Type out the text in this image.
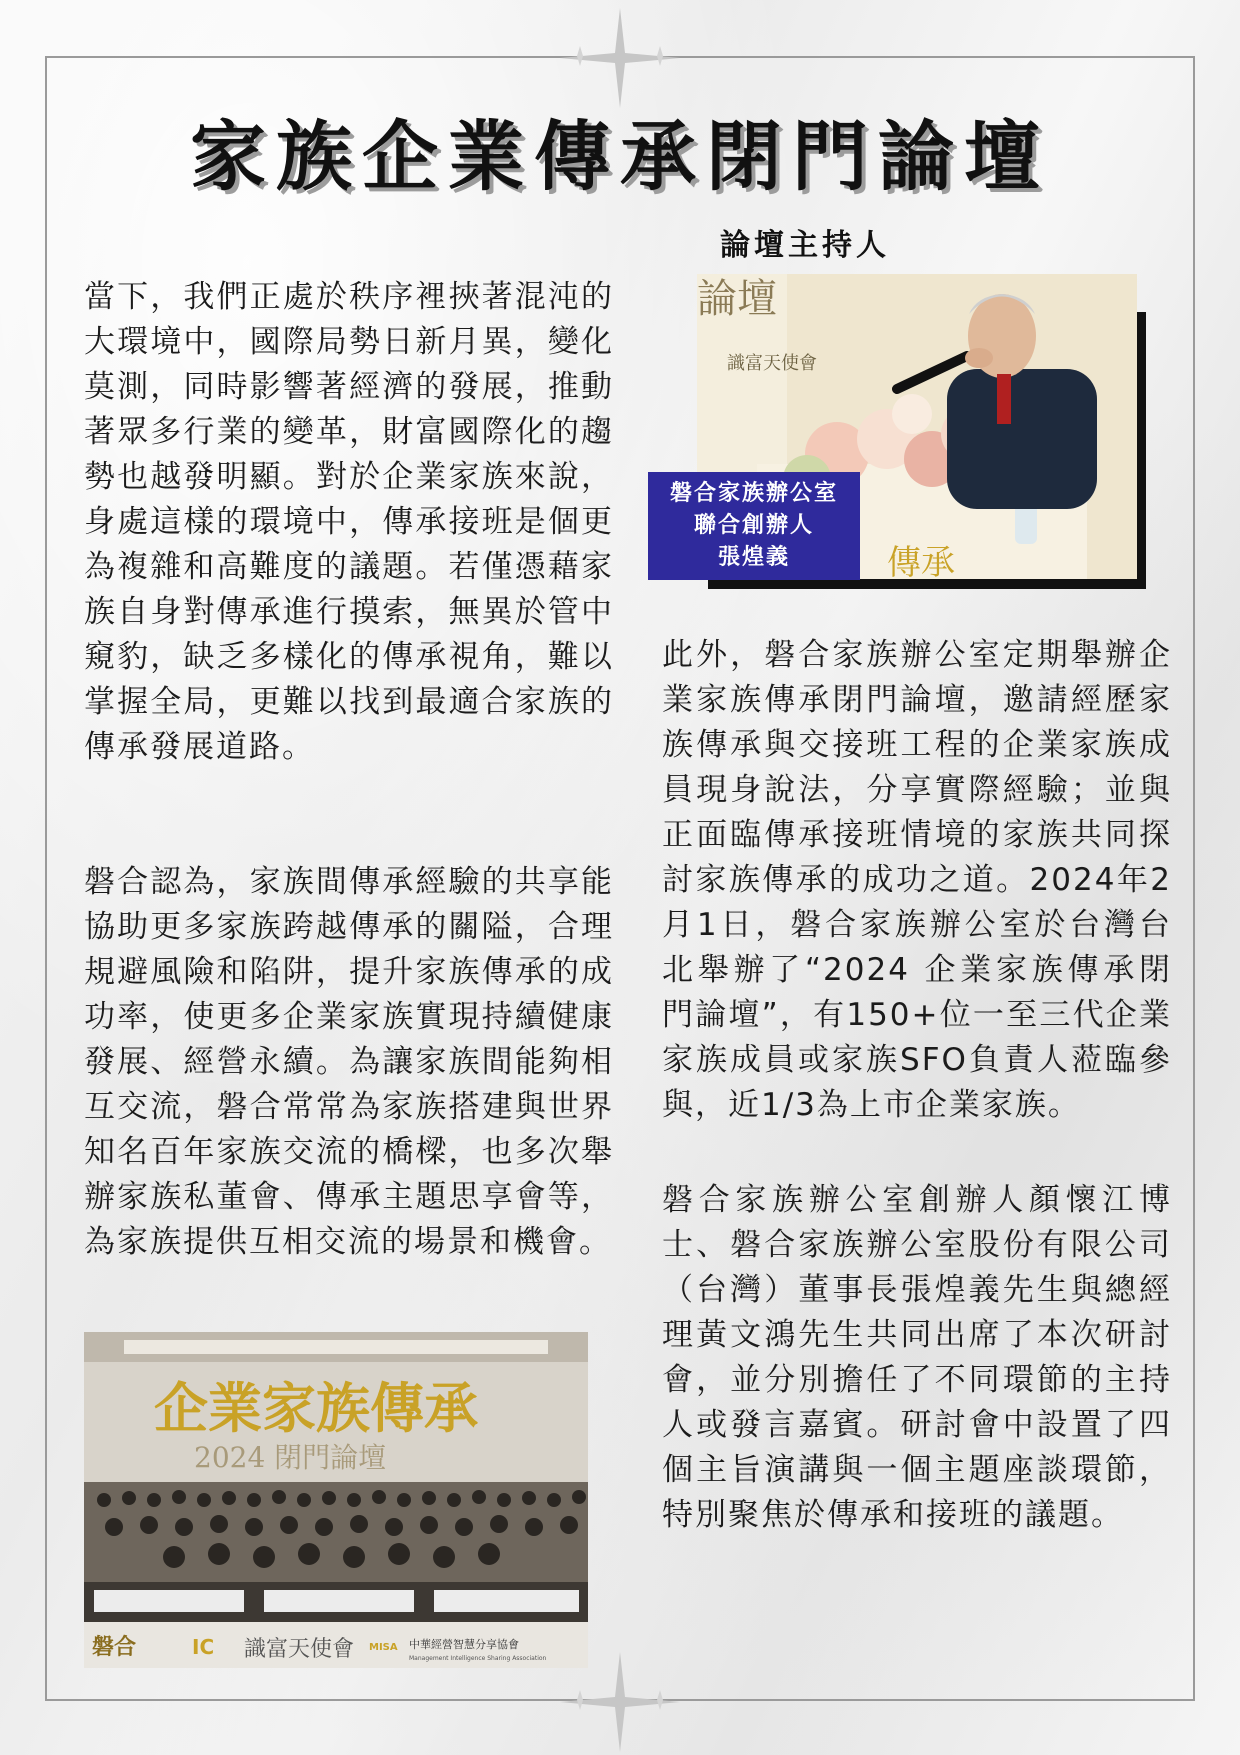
家族企業傳承閉門論壇
論壇主持人

當下，我們正處於秩序裡挾著混沌的大環境中，國際局勢日新月異，變化莫測，同時影響著經濟的發展，推動著眾多行業的變革，財富國際化的趨勢也越發明顯。對於企業家族來說，身處這樣的環境中，傳承接班是個更為複雜和高難度的議題。若僅憑藉家族自身對傳承進行摸索，無異於管中窺豹，缺乏多樣化的傳承視角，難以掌握全局，更難以找到最適合家族的傳承發展道路。

磐合認為，家族間傳承經驗的共享能協助更多家族跨越傳承的關隘，合理規避風險和陷阱，提升家族傳承的成功率，使更多企業家族實現持續健康發展、經營永續。為讓家族間能夠相互交流，磐合常常為家族搭建與世界知名百年家族交流的橋樑，也多次舉辦家族私董會、傳承主題思享會等，為家族提供互相交流的場景和機會。

此外，磐合家族辦公室定期舉辦企業家族傳承閉門論壇，邀請經歷家族傳承與交接班工程的企業家族成員現身說法，分享實際經驗；並與正面臨傳承接班情境的家族共同探討家族傳承的成功之道。2024年2月1日，磐合家族辦公室於台灣台北舉辦了“2024 企業家族傳承閉門論壇”，有150+位一至三代企業家族成員或家族SFO負責人蒞臨參與，近1/3為上市企業家族。

磐合家族辦公室創辦人顏懷江博士、磐合家族辦公室股份有限公司（台灣）董事長張煌義先生與總經理黃文鴻先生共同出席了本次研討會，並分別擔任了不同環節的主持人或發言嘉賓。研討會中設置了四個主旨演講與一個主題座談環節，特別聚焦於傳承和接班的議題。

論壇
識富天使會
傳承
磐合家族辦公室
聯合創辦人
張煌義
企業家族傳承
2024 閉門論壇
磐合	IC 識富天使會 MISA 中華經營智慧分享協會
Management Intelligence Sharing Association
